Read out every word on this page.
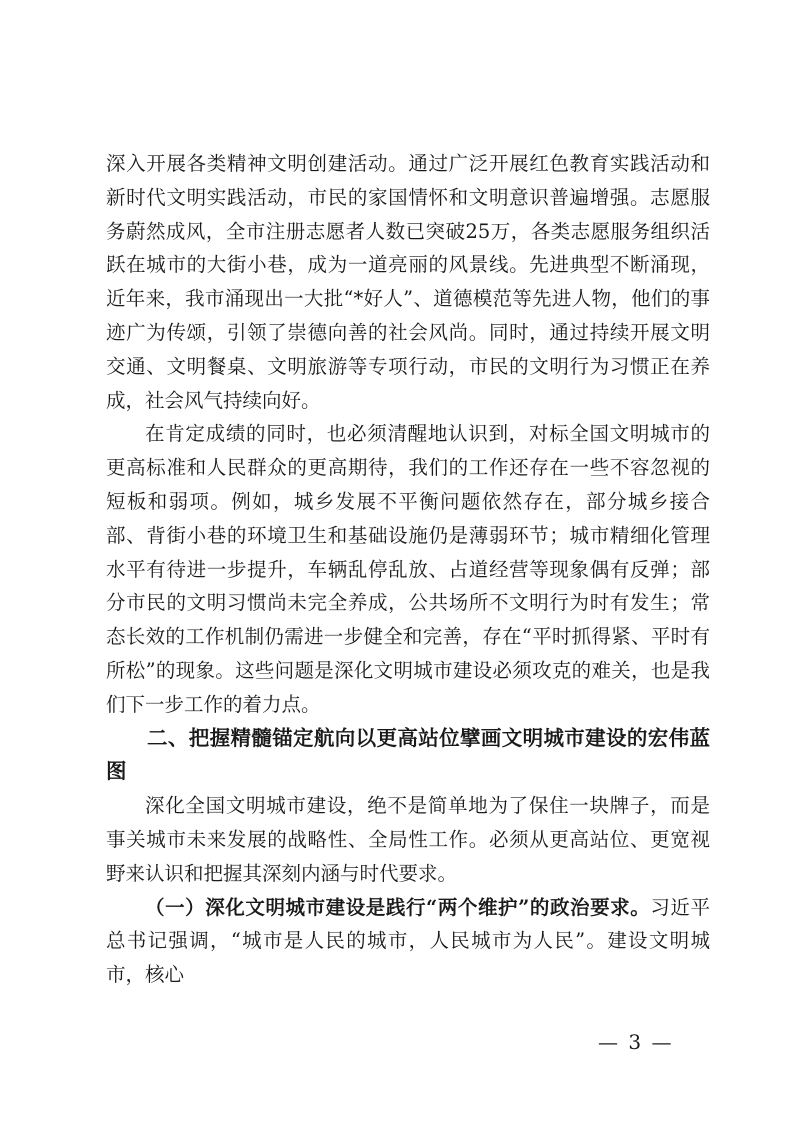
深入开展各类精神文明创建活动。通过广泛开展红色教育实践活动和新时代文明实践活动，市民的家国情怀和文明意识普遍增强。志愿服务蔚然成风，全市注册志愿者人数已突破25万，各类志愿服务组织活跃在城市的大街小巷，成为一道亮丽的风景线。先进典型不断涌现，近年来，我市涌现出一大批“*好人”、道德模范等先进人物，他们的事迹广为传颂，引领了崇德向善的社会风尚。同时，通过持续开展文明交通、文明餐桌、文明旅游等专项行动，市民的文明行为习惯正在养成，社会风气持续向好。

在肯定成绩的同时，也必须清醒地认识到，对标全国文明城市的更高标准和人民群众的更高期待，我们的工作还存在一些不容忽视的短板和弱项。例如，城乡发展不平衡问题依然存在，部分城乡接合部、背街小巷的环境卫生和基础设施仍是薄弱环节；城市精细化管理水平有待进一步提升，车辆乱停乱放、占道经营等现象偶有反弹；部分市民的文明习惯尚未完全养成，公共场所不文明行为时有发生；常态长效的工作机制仍需进一步健全和完善，存在“平时抓得紧、平时有所松”的现象。这些问题是深化文明城市建设必须攻克的难关，也是我们下一步工作的着力点。

二、把握精髓锚定航向以更高站位擘画文明城市建设的宏伟蓝图

深化全国文明城市建设，绝不是简单地为了保住一块牌子，而是事关城市未来发展的战略性、全局性工作。必须从更高站位、更宽视野来认识和把握其深刻内涵与时代要求。

（一）深化文明城市建设是践行“两个维护”的政治要求。习近平总书记强调，“城市是人民的城市，人民城市为人民”。建设文明城市，核心

— 3 —
